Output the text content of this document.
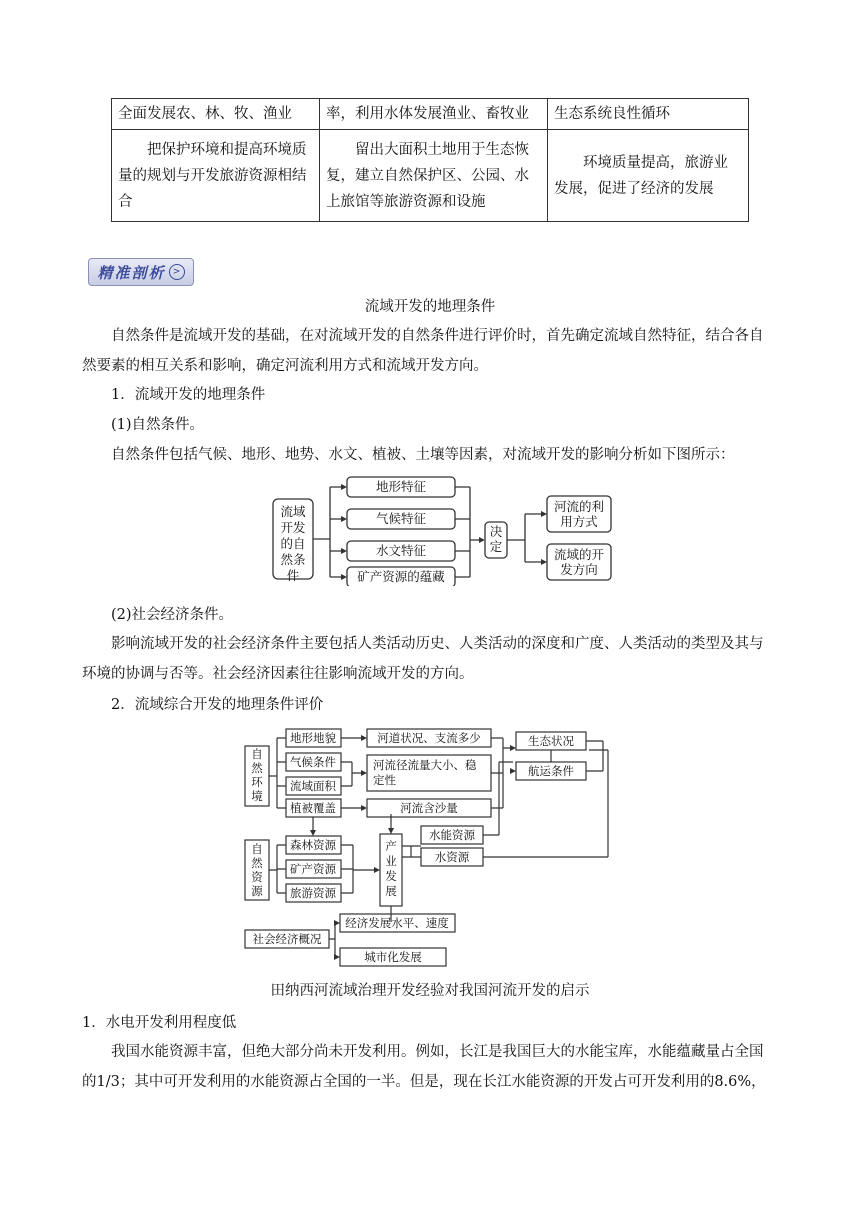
全面发展农、林、牧、渔业	率，利用水体发展渔业、畜牧业	生态系统良性循环
把保护环境和提高环境质量的规划与开发旅游资源相结合	留出大面积土地用于生态恢复，建立自然保护区、公园、水上旅馆等旅游资源和设施	环境质量提高，旅游业发展，促进了经济的发展
精准剖析 >
流域开发的地理条件
自然条件是流域开发的基础，在对流域开发的自然条件进行评价时，首先确定流域自然特征，结合各自然要素的相互关系和影响，确定河流利用方式和流域开发方向。
1．流域开发的地理条件
(1)自然条件。
自然条件包括气候、地形、地势、水文、植被、土壤等因素，对流域开发的影响分析如下图所示：
流域开发的自然条件
地形特征
气候特征
水文特征
矿产资源的蕴藏
决定
河流的利用方式
流域的开发方向
(2)社会经济条件。
影响流域开发的社会经济条件主要包括人类活动历史、人类活动的深度和广度、人类活动的类型及其与环境的协调与否等。社会经济因素往往影响流域开发的方向。
2．流域综合开发的地理条件评价
自然环境
地形地貌
气候条件
流域面积
植被覆盖
河道状况、支流多少
河流径流量大小、稳定性
河流含沙量
生态状况
航运条件
自然资源
森林资源
矿产资源
旅游资源
产业发展
水能资源
水资源
社会经济概况
经济发展水平、速度
城市化发展
田纳西河流域治理开发经验对我国河流开发的启示
1．水电开发利用程度低
我国水能资源丰富，但绝大部分尚未开发利用。例如，长江是我国巨大的水能宝库，水能蕴藏量占全国的1/3；其中可开发利用的水能资源占全国的一半。但是，现在长江水能资源的开发占可开发利用的8.6%，
